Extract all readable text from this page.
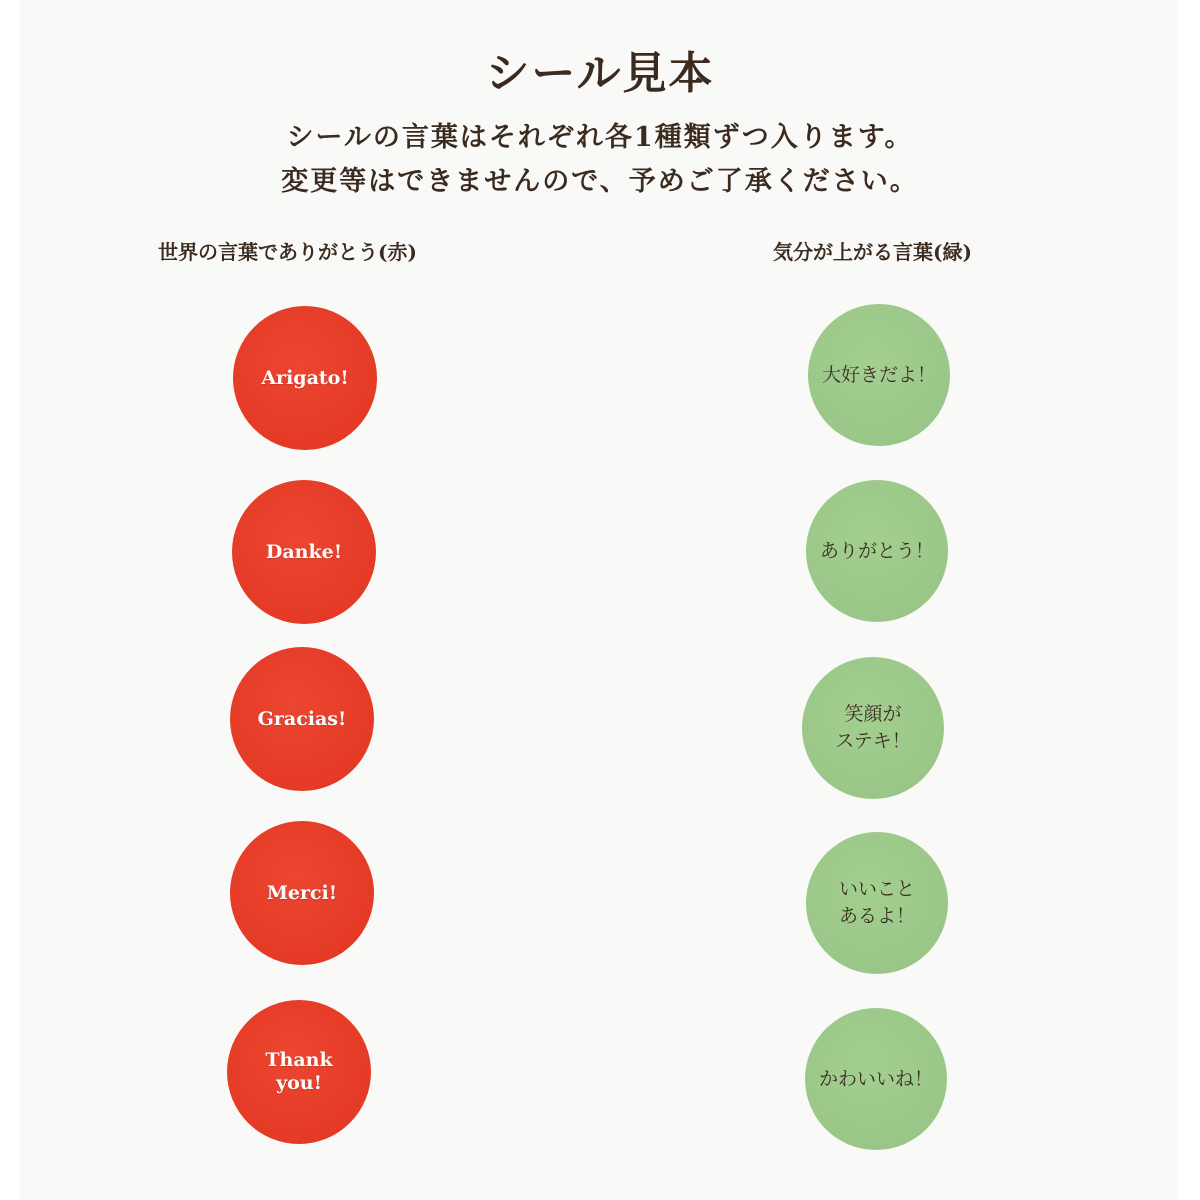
シール見本
シールの言葉はそれぞれ各1種類ずつ入ります。
変更等はできませんので、予めご了承ください。
世界の言葉でありがとう(赤)	気分が上がる言葉(緑)
Arigato!
Danke!
Gracias!
Merci!
Thank
you!
大好きだよ！
ありがとう！
笑顔が
ステキ！
いいこと
あるよ！
かわいいね！
